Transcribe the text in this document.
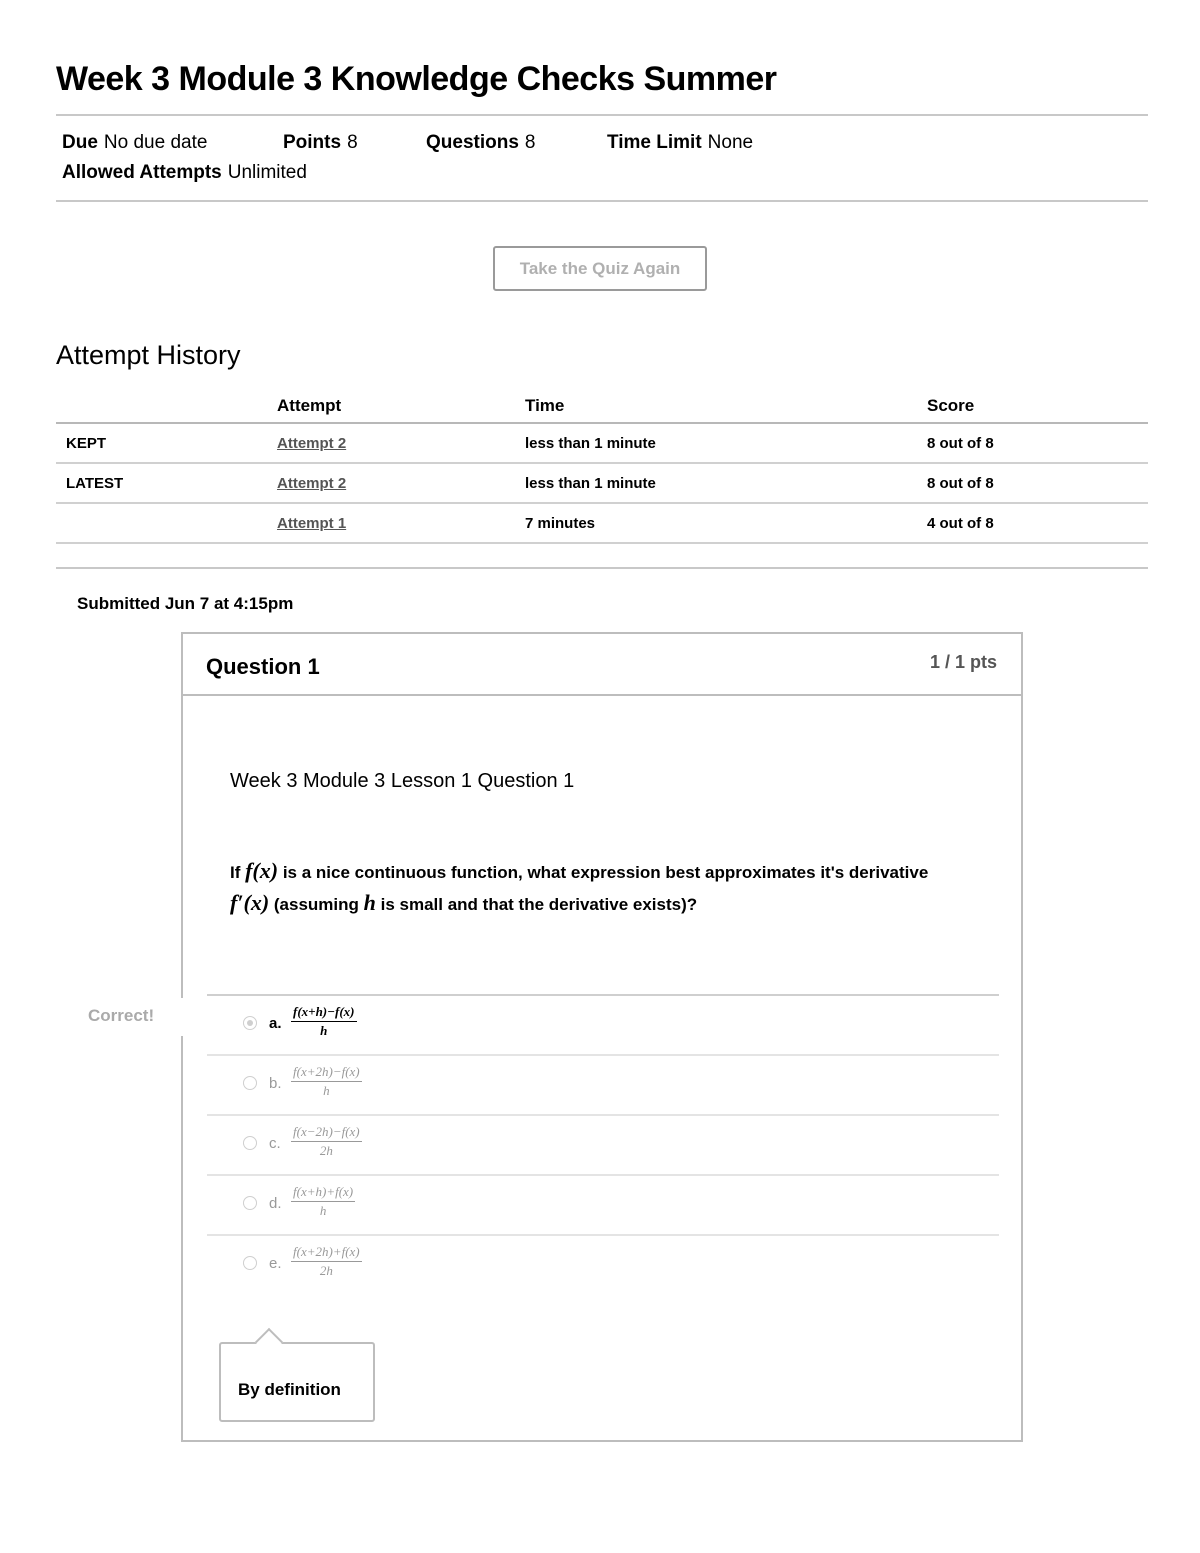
Week 3 Module 3 Knowledge Checks Summer
Due No due date	Points 8	Questions 8	Time Limit None
Allowed Attempts Unlimited
Take the Quiz Again
Attempt History
	Attempt	Time	Score
KEPT	Attempt 2	less than 1 minute	8 out of 8
LATEST	Attempt 2	less than 1 minute	8 out of 8
	Attempt 1	7 minutes	4 out of 8
Submitted Jun 7 at 4:15pm
Question 1	1 / 1 pts
Week 3 Module 3 Lesson 1 Question 1
If f(x) is a nice continuous function, what expression best approximates it's derivative
f′(x) (assuming h is small and that the derivative exists)?
a. $\frac{f(x+h)-f(x)}{h}$
b. $\frac{f(x+2h)-f(x)}{h}$
c. $\frac{f(x-2h)-f(x)}{2h}$
d. $\frac{f(x+h)+f(x)}{h}$
e. $\frac{f(x+2h)+f(x)}{2h}$
By definition
Correct!
